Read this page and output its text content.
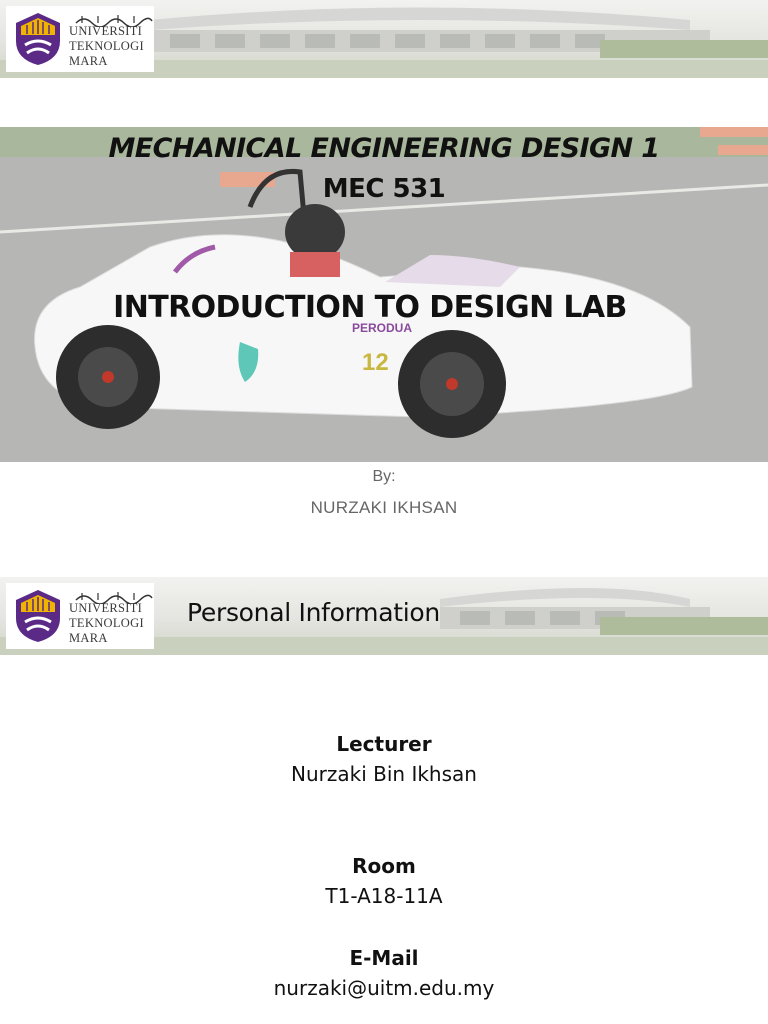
UNIVERSITI
TEKNOLOGI
MARA
12
PERODUA
MECHANICAL ENGINEERING DESIGN 1
MEC 531
INTRODUCTION TO DESIGN LAB
By:
NURZAKI IKHSAN
UNIVERSITI
TEKNOLOGI
MARA
Personal Information
Lecturer
Nurzaki Bin Ikhsan
Room
T1-A18-11A
E-Mail
nurzaki@uitm.edu.my
